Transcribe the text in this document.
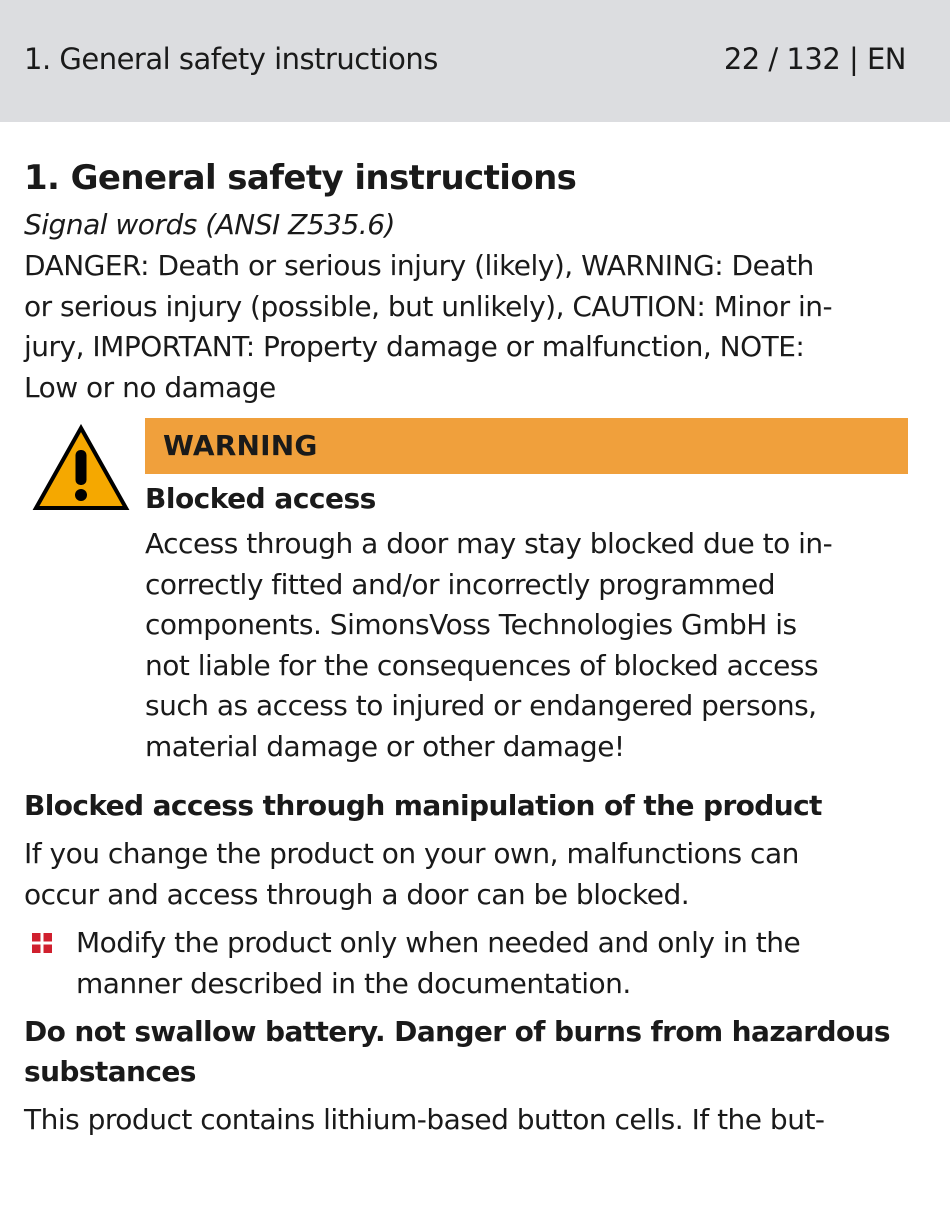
1. General safety instructions	22 / 132 | EN
1. General safety instructions

Signal words (ANSI Z535.6)

DANGER: Death or serious injury (likely), WARNING: Death

or serious injury (possible, but unlikely), CAUTION: Minor in-

jury, IMPORTANT: Property damage or malfunction, NOTE:

Low or no damage

WARNING

Blocked access

Access through a door may stay blocked due to in-

correctly fitted and/or incorrectly programmed

components. SimonsVoss Technologies GmbH is

not liable for the consequences of blocked access

such as access to injured or endangered persons,

material damage or other damage!

Blocked access through manipulation of the product

If you change the product on your own, malfunctions can

occur and access through a door can be blocked.

Modify the product only when needed and only in the

manner described in the documentation.

Do not swallow battery. Danger of burns from hazardous

substances

This product contains lithium-based button cells. If the but-
